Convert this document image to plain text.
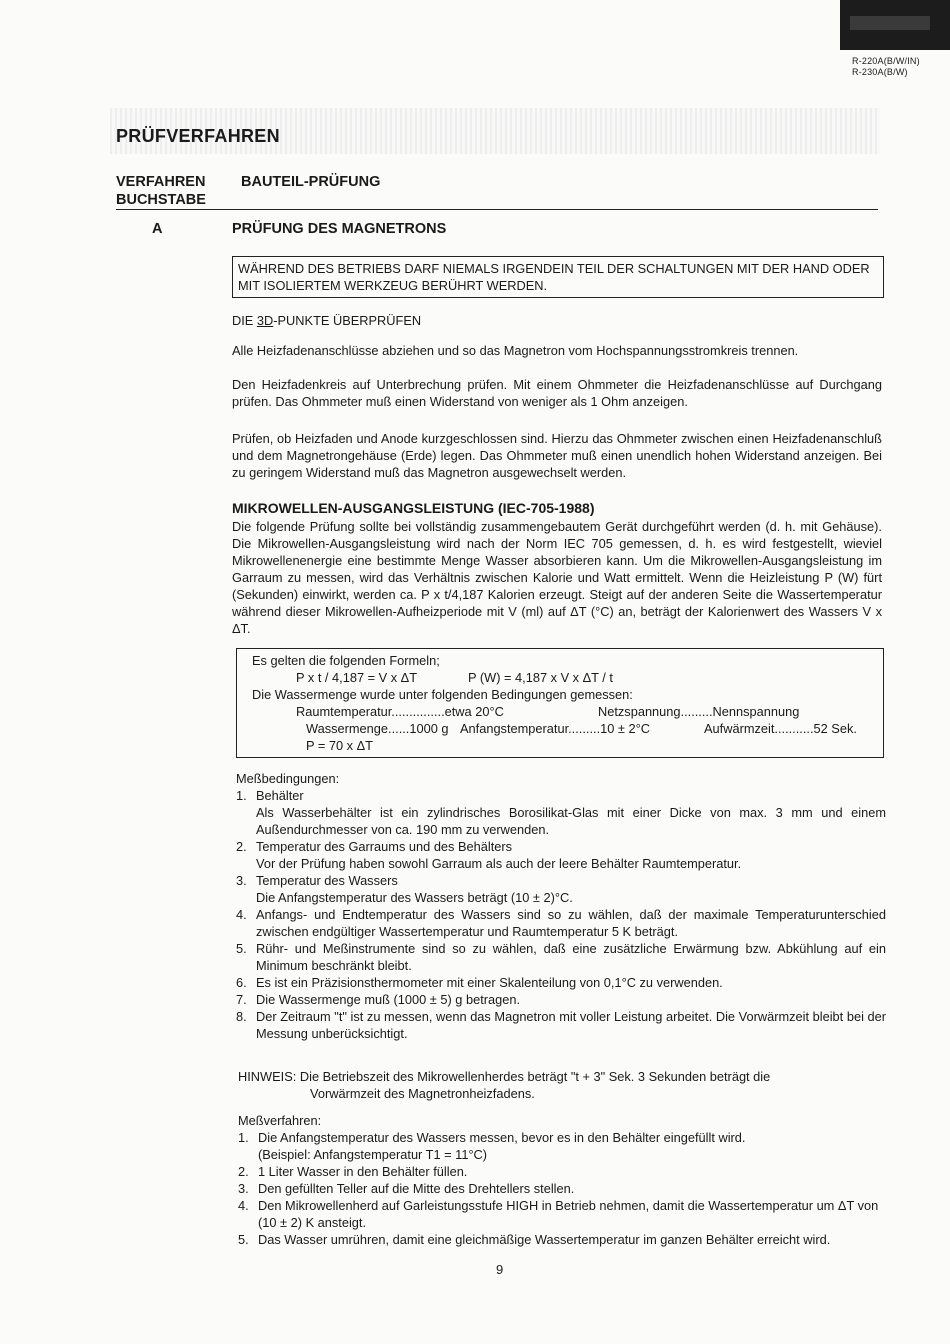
R-220A(B/W/IN)
R-230A(B/W)
PRÜFVERFAHREN
VERFAHREN
BUCHSTABE
BAUTEIL-PRÜFUNG
A	PRÜFUNG DES MAGNETRONS
WÄHREND DES BETRIEBS DARF NIEMALS IRGENDEIN TEIL DER SCHALTUNGEN MIT DER HAND ODER MIT ISOLIERTEM WERKZEUG BERÜHRT WERDEN.
DIE 3D-PUNKTE ÜBERPRÜFEN
Alle Heizfadenanschlüsse abziehen und so das Magnetron vom Hochspannungsstromkreis trennen.
Den Heizfadenkreis auf Unterbrechung prüfen. Mit einem Ohmmeter die Heizfadenanschlüsse auf Durchgang prüfen. Das Ohmmeter muß einen Widerstand von weniger als 1 Ohm anzeigen.
Prüfen, ob Heizfaden und Anode kurzgeschlossen sind. Hierzu das Ohmmeter zwischen einen Heizfadenanschluß und dem Magnetrongehäuse (Erde) legen. Das Ohmmeter muß einen unendlich hohen Widerstand anzeigen. Bei zu geringem Widerstand muß das Magnetron ausgewechselt werden.
MIKROWELLEN-AUSGANGSLEISTUNG (IEC-705-1988)
Die folgende Prüfung sollte bei vollständig zusammengebautem Gerät durchgeführt werden (d. h. mit Gehäuse). Die Mikrowellen-Ausgangsleistung wird nach der Norm IEC 705 gemessen, d. h. es wird festgestellt, wieviel Mikrowellenenergie eine bestimmte Menge Wasser absorbieren kann. Um die Mikrowellen-Ausgangsleistung im Garraum zu messen, wird das Verhältnis zwischen Kalorie und Watt ermittelt. Wenn die Heizleistung P (W) fürt (Sekunden) einwirkt, werden ca. P x t/4,187 Kalorien erzeugt. Steigt auf der anderen Seite die Wassertemperatur während dieser Mikrowellen-Aufheizperiode mit V (ml) auf ΔT (°C) an, beträgt der Kalorienwert des Wassers V x ΔT.
Es gelten die folgenden Formeln;
P x t / 4,187 = V x ΔT	P (W) = 4,187 x V x ΔT / t
Die Wassermenge wurde unter folgenden Bedingungen gemessen:
Raumtemperatur...............etwa 20°C	Netzspannung.........Nennspannung
Wassermenge......1000 g Anfangstemperatur.........10 ± 2°C	Aufwärmzeit...........52 Sek.
P = 70 x ΔT
Meßbedingungen:
1. Behälter
Als Wasserbehälter ist ein zylindrisches Borosilikat-Glas mit einer Dicke von max. 3 mm und einem Außendurchmesser von ca. 190 mm zu verwenden.
2. Temperatur des Garraums und des Behälters
Vor der Prüfung haben sowohl Garraum als auch der leere Behälter Raumtemperatur.
3. Temperatur des Wassers
Die Anfangstemperatur des Wassers beträgt (10 ± 2)°C.
4. Anfangs- und Endtemperatur des Wassers sind so zu wählen, daß der maximale Temperaturunterschied zwischen endgültiger Wassertemperatur und Raumtemperatur 5 K beträgt.
5. Rühr- und Meßinstrumente sind so zu wählen, daß eine zusätzliche Erwärmung bzw. Abkühlung auf ein Minimum beschränkt bleibt.
6. Es ist ein Präzisionsthermometer mit einer Skalenteilung von 0,1°C zu verwenden.
7. Die Wassermenge muß (1000 ± 5) g betragen.
8. Der Zeitraum "t" ist zu messen, wenn das Magnetron mit voller Leistung arbeitet. Die Vorwärmzeit bleibt bei der Messung unberücksichtigt.
HINWEIS: Die Betriebszeit des Mikrowellenherdes beträgt "t + 3" Sek. 3 Sekunden beträgt die
Vorwärmzeit des Magnetronheizfadens.
Meßverfahren:
1. Die Anfangstemperatur des Wassers messen, bevor es in den Behälter eingefüllt wird.
(Beispiel: Anfangstemperatur T1 = 11°C)
2. 1 Liter Wasser in den Behälter füllen.
3. Den gefüllten Teller auf die Mitte des Drehtellers stellen.
4. Den Mikrowellenherd auf Garleistungsstufe HIGH in Betrieb nehmen, damit die Wassertemperatur um ΔT von (10 ± 2) K ansteigt.
5. Das Wasser umrühren, damit eine gleichmäßige Wassertemperatur im ganzen Behälter erreicht wird.
9
